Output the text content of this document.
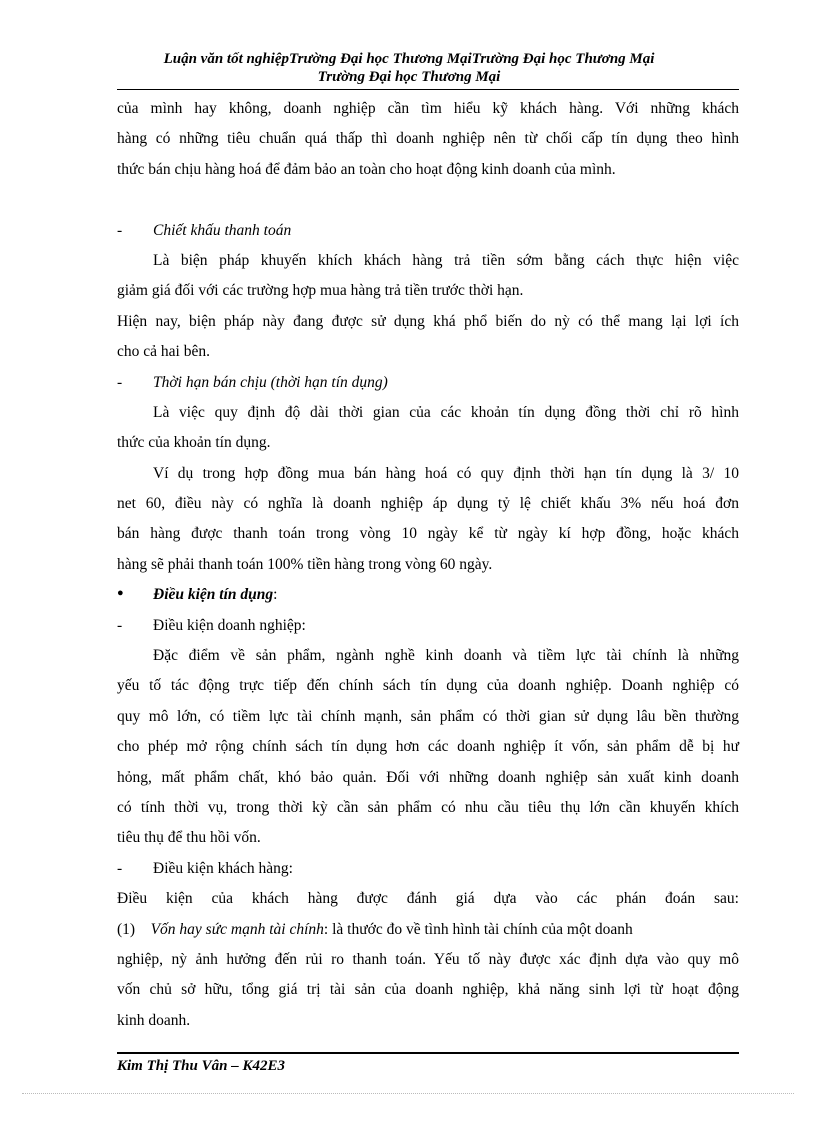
Luận văn tốt nghiệpTrường Đại học Thương MạiTrường Đại học Thương Mại
Trường Đại học Thương Mại
của mình hay không, doanh nghiệp cần tìm hiểu kỹ khách hàng. Với những khách
hàng có những tiêu chuẩn quá thấp thì doanh nghiệp nên từ chối cấp tín dụng theo hình
thức bán chịu hàng hoá để đảm bảo an toàn cho hoạt động kinh doanh của mình.
- Chiết khấu thanh toán
Là biện pháp khuyến khích khách hàng trả tiền sớm bằng cách thực hiện việc
giảm giá đối với các trường hợp mua hàng trả tiền trước thời hạn.
Hiện nay, biện pháp này đang được sử dụng khá phổ biến do nỳ có thể mang lại lợi ích
cho cả hai bên.
- Thời hạn bán chịu (thời hạn tín dụng)
Là việc quy định độ dài thời gian của các khoản tín dụng đồng thời chỉ rõ hình
thức của khoản tín dụng.
Ví dụ trong hợp đồng mua bán hàng hoá có quy định thời hạn tín dụng là 3/ 10
net 60, điều này có nghĩa là doanh nghiệp áp dụng tỷ lệ chiết khấu 3% nếu hoá đơn
bán hàng được thanh toán trong vòng 10 ngày kể từ ngày kí hợp đồng, hoặc khách
hàng sẽ phải thanh toán 100% tiền hàng trong vòng 60 ngày.
● Điều kiện tín dụng:
- Điều kiện doanh nghiệp:
Đặc điểm về sản phẩm, ngành nghề kinh doanh và tiềm lực tài chính là những
yếu tố tác động trực tiếp đến chính sách tín dụng của doanh nghiệp. Doanh nghiệp có
quy mô lớn, có tiềm lực tài chính mạnh, sản phẩm có thời gian sử dụng lâu bền thường
cho phép mở rộng chính sách tín dụng hơn các doanh nghiệp ít vốn, sản phẩm dễ bị hư
hỏng, mất phẩm chất, khó bảo quản. Đối với những doanh nghiệp sản xuất kinh doanh
có tính thời vụ, trong thời kỳ cần sản phẩm có nhu cầu tiêu thụ lớn cần khuyến khích
tiêu thụ để thu hồi vốn.
- Điều kiện khách hàng:
Điều kiện của khách hàng được đánh giá dựa vào các phán đoán sau:
(1) Vốn hay sức mạnh tài chính: là thước đo về tình hình tài chính của một doanh
nghiệp, nỳ ảnh hưởng đến rủi ro thanh toán. Yếu tố này được xác định dựa vào quy mô
vốn chủ sở hữu, tổng giá trị tài sản của doanh nghiệp, khả năng sinh lợi từ hoạt động
kinh doanh.
Kim Thị Thu Vân – K42E3
